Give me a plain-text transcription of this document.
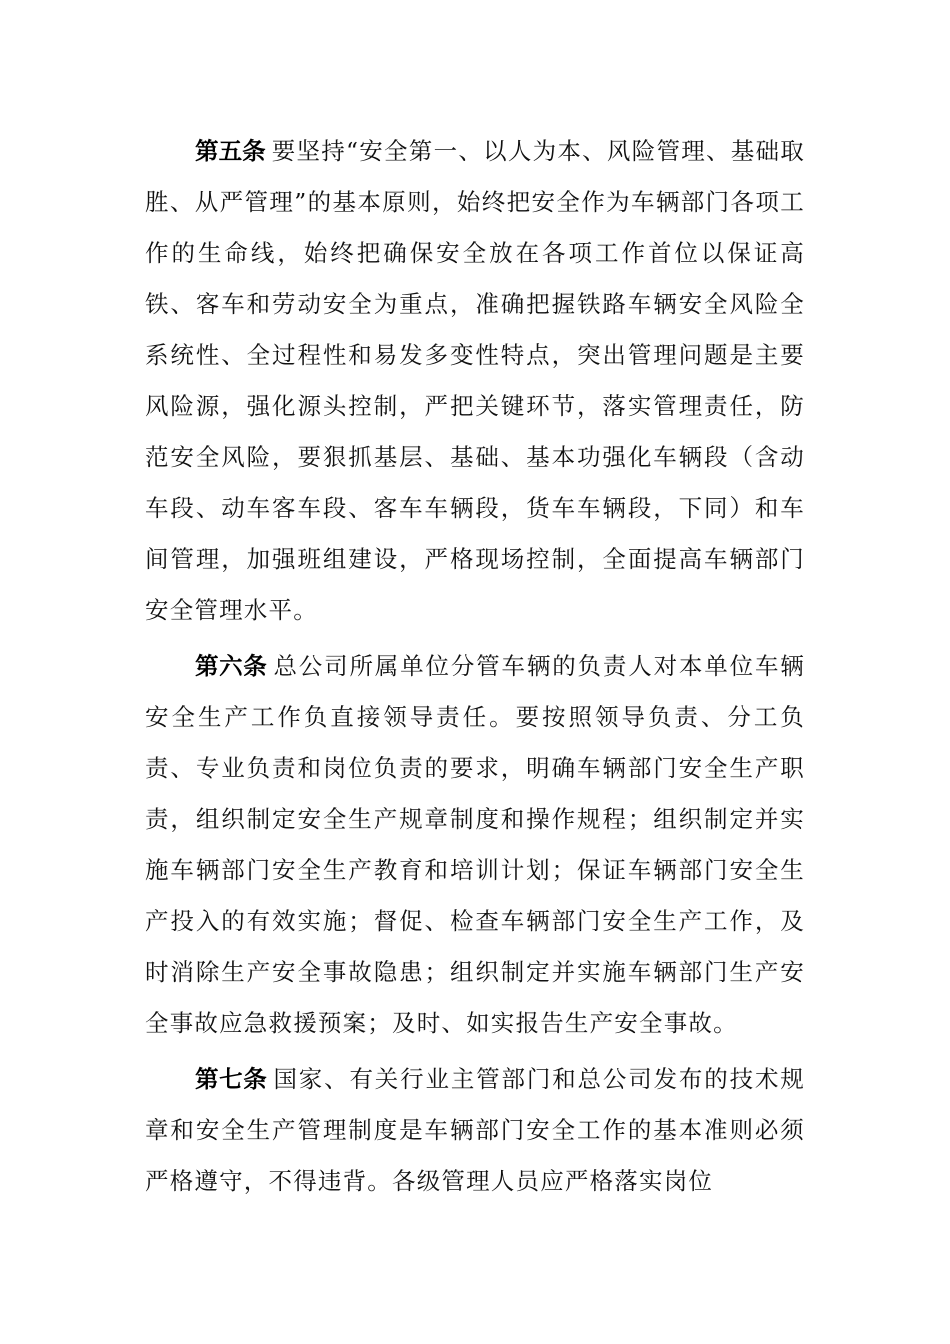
第五条 要坚持“安全第一、以人为本、风险管理、基础取胜、从严管理”的基本原则，始终把安全作为车辆部门各项工作的生命线，始终把确保安全放在各项工作首位以保证高铁、客车和劳动安全为重点，准确把握铁路车辆安全风险全系统性、全过程性和易发多变性特点，突出管理问题是主要风险源，强化源头控制，严把关键环节，落实管理责任，防范安全风险，要狠抓基层、基础、基本功强化车辆段（含动车段、动车客车段、客车车辆段，货车车辆段，下同）和车间管理，加强班组建设，严格现场控制，全面提高车辆部门安全管理水平。

第六条 总公司所属单位分管车辆的负责人对本单位车辆安全生产工作负直接领导责任。要按照领导负责、分工负责、专业负责和岗位负责的要求，明确车辆部门安全生产职责，组织制定安全生产规章制度和操作规程；组织制定并实施车辆部门安全生产教育和培训计划；保证车辆部门安全生产投入的有效实施；督促、检查车辆部门安全生产工作，及时消除生产安全事故隐患；组织制定并实施车辆部门生产安全事故应急救援预案；及时、如实报告生产安全事故。

第七条 国家、有关行业主管部门和总公司发布的技术规章和安全生产管理制度是车辆部门安全工作的基本准则必须严格遵守，不得违背。各级管理人员应严格落实岗位
